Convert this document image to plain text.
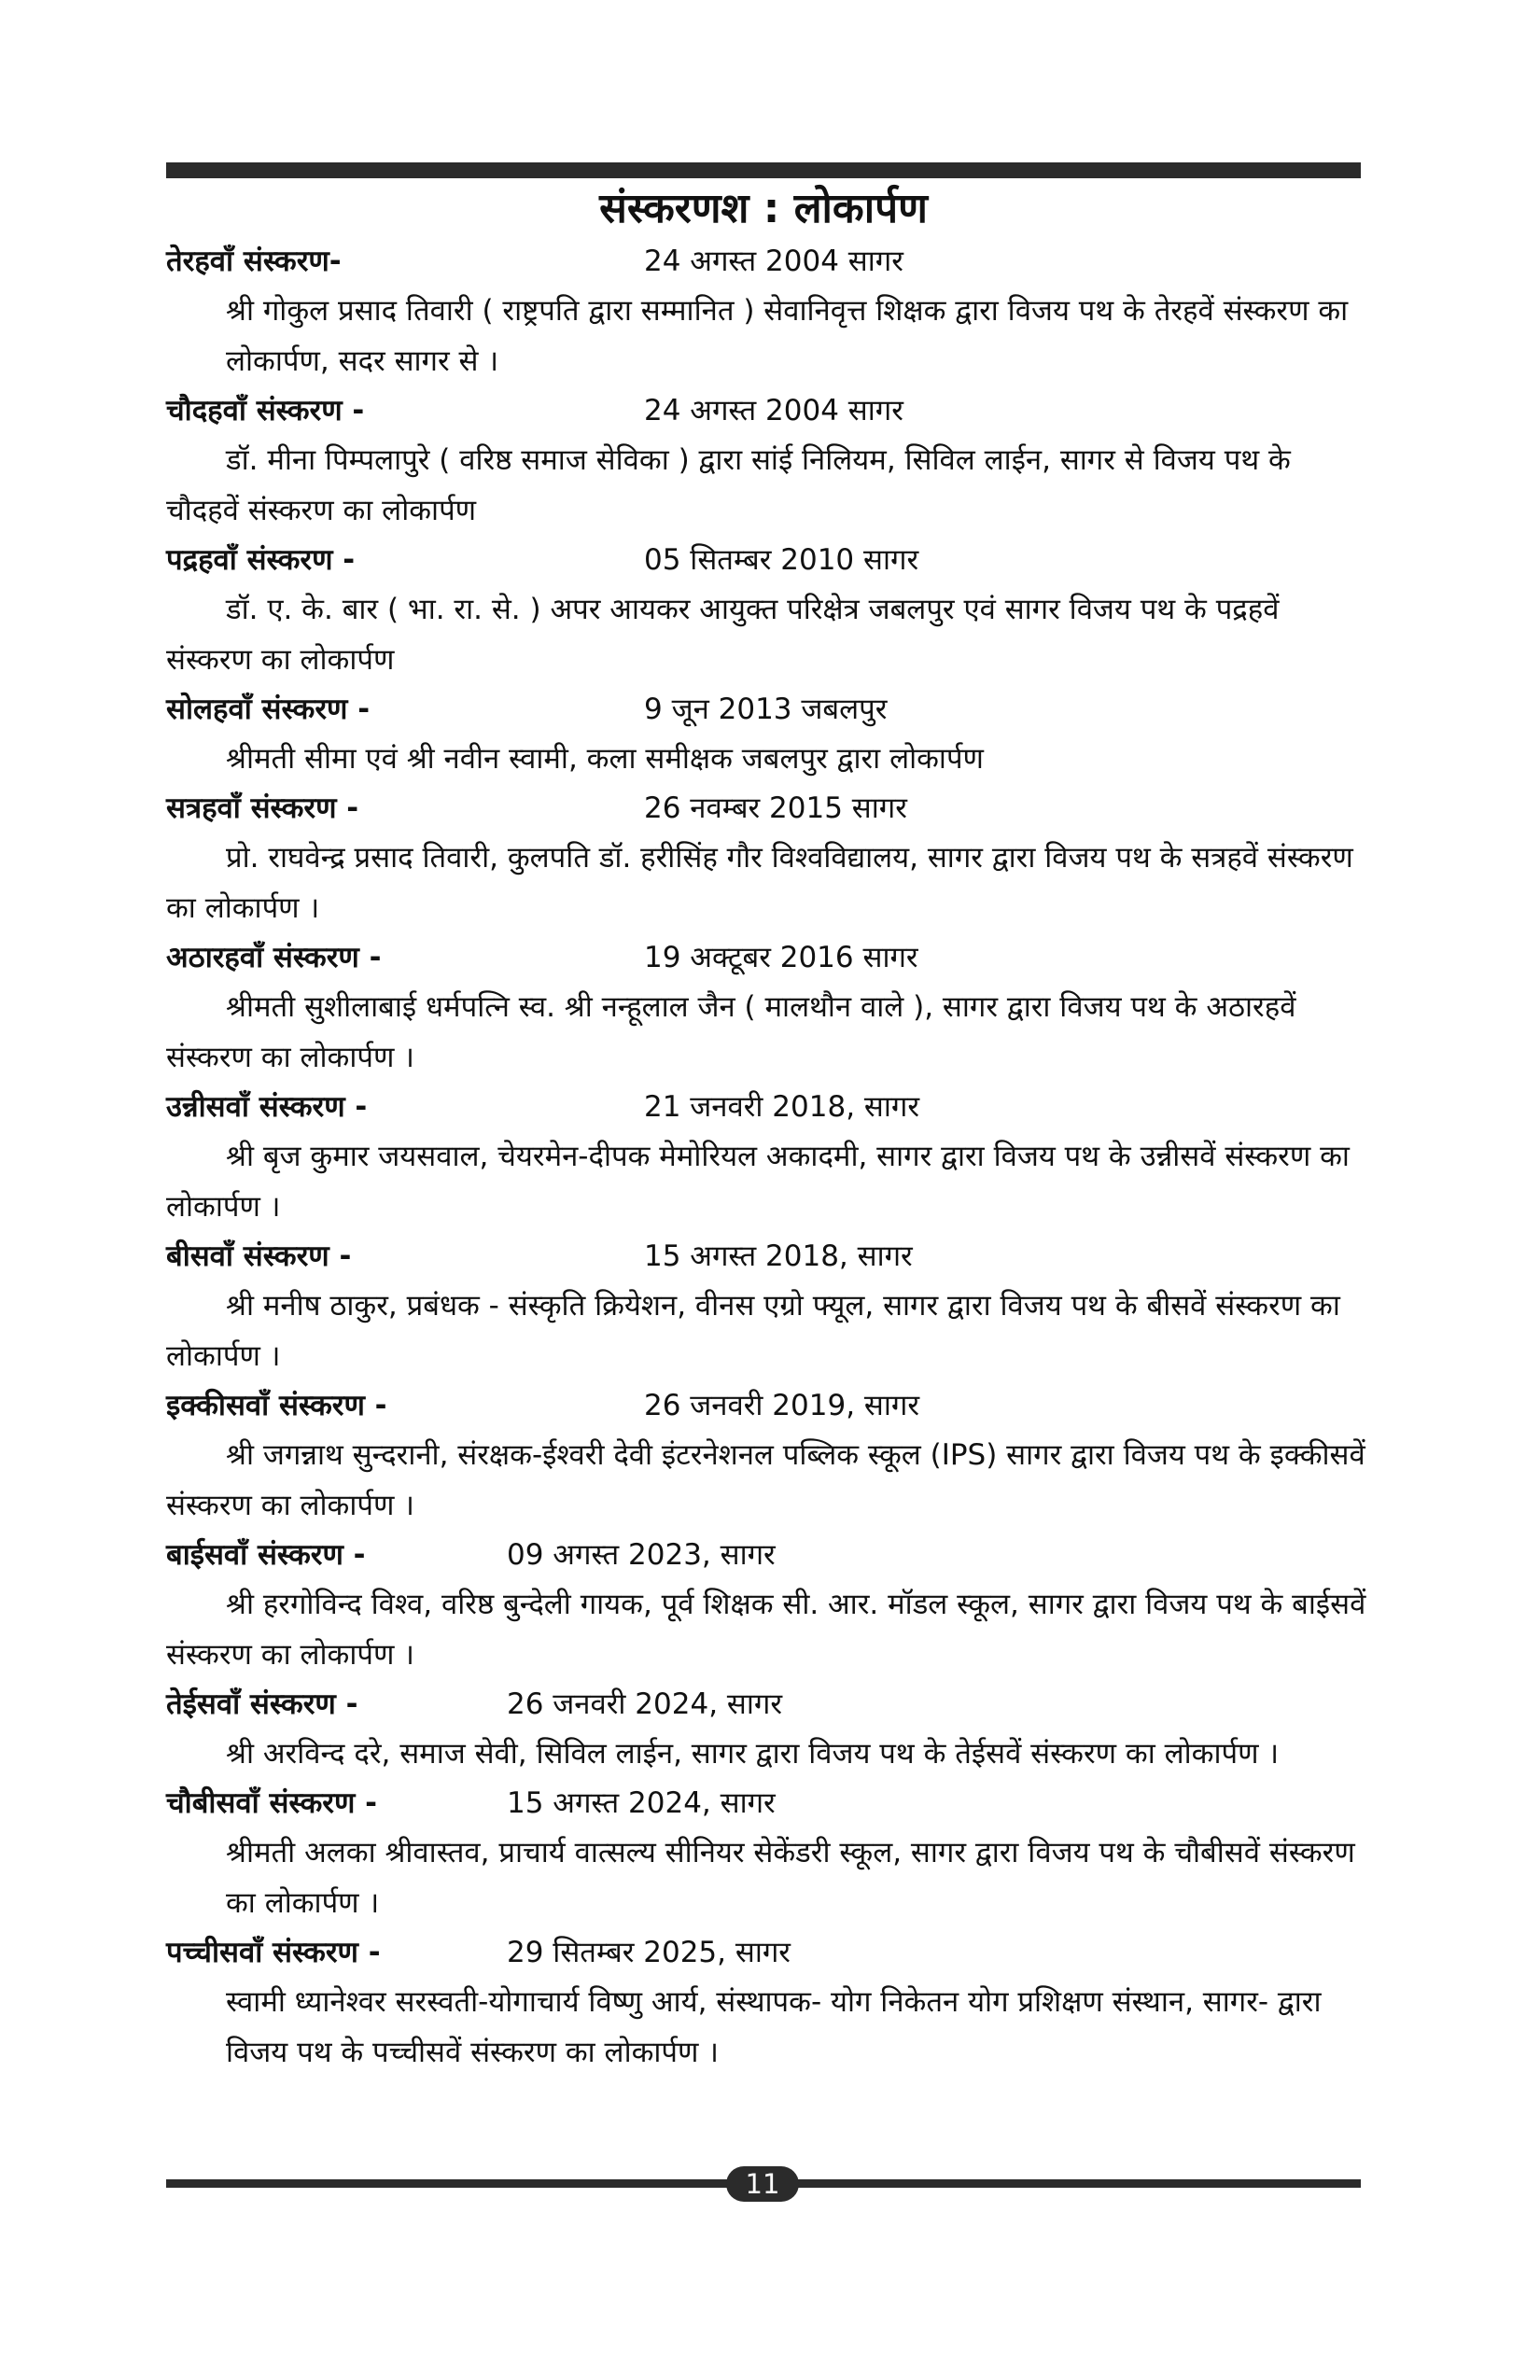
संस्करणश : लोकार्पण
तेरहवाँ संस्करण-	24 अगस्त 2004 सागर

श्री गोकुल प्रसाद तिवारी ( राष्ट्रपति द्वारा सम्मानित ) सेवानिवृत्त शिक्षक द्वारा विजय पथ के तेरहवें संस्करण का लोकार्पण, सदर सागर से ।

चौदहवाँ संस्करण -	24 अगस्त 2004 सागर

डॉ. मीना पिम्पलापुरे ( वरिष्ठ समाज सेविका ) द्वारा सांई निलियम, सिविल लाईन, सागर से विजय पथ के चौदहवें संस्करण का लोकार्पण

पद्रहवाँ संस्करण -	05 सितम्बर 2010 सागर

डॉ. ए. के. बार ( भा. रा. से. ) अपर आयकर आयुक्त परिक्षेत्र जबलपुर एवं सागर विजय पथ के पद्रहवें संस्करण का लोकार्पण

सोलहवाँ संस्करण -	9 जून 2013 जबलपुर

श्रीमती सीमा एवं श्री नवीन स्वामी, कला समीक्षक जबलपुर द्वारा लोकार्पण

सत्रहवाँ संस्करण -	26 नवम्बर 2015 सागर

प्रो. राघवेन्द्र प्रसाद तिवारी, कुलपति डॉ. हरीसिंह गौर विश्वविद्यालय, सागर द्वारा विजय पथ के सत्रहवें संस्करण का लोकार्पण ।

अठारहवाँ संस्करण -	19 अक्टूबर 2016 सागर

श्रीमती सुशीलाबाई धर्मपत्नि स्व. श्री नन्हूलाल जैन ( मालथौन वाले ), सागर द्वारा विजय पथ के अठारहवें संस्करण का लोकार्पण ।

उन्नीसवाँ संस्करण -	21 जनवरी 2018, सागर

श्री बृज कुमार जयसवाल, चेयरमेन-दीपक मेमोरियल अकादमी, सागर द्वारा विजय पथ के उन्नीसवें संस्करण का लोकार्पण ।

बीसवाँ संस्करण -	15 अगस्त 2018, सागर

श्री मनीष ठाकुर, प्रबंधक - संस्कृति क्रियेशन, वीनस एग्रो फ्यूल, सागर द्वारा विजय पथ के बीसवें संस्करण का लोकार्पण ।

इक्कीसवाँ संस्करण -	26 जनवरी 2019, सागर

श्री जगन्नाथ सुन्दरानी, संरक्षक-ईश्वरी देवी इंटरनेशनल पब्लिक स्कूल (IPS) सागर द्वारा विजय पथ के इक्कीसवें संस्करण का लोकार्पण ।

बाईसवाँ संस्करण -	09 अगस्त 2023, सागर

श्री हरगोविन्द विश्व, वरिष्ठ बुन्देली गायक, पूर्व शिक्षक सी. आर. मॉडल स्कूल, सागर द्वारा विजय पथ के बाईसवें संस्करण का लोकार्पण ।

तेईसवाँ संस्करण -	26 जनवरी 2024, सागर

श्री अरविन्द दरे, समाज सेवी, सिविल लाईन, सागर द्वारा विजय पथ के तेईसवें संस्करण का लोकार्पण ।

चौबीसवाँ संस्करण -	15 अगस्त 2024, सागर

श्रीमती अलका श्रीवास्तव, प्राचार्य वात्सल्य सीनियर सेकेंडरी स्कूल, सागर द्वारा विजय पथ के चौबीसवें संस्करण का लोकार्पण ।

पच्चीसवाँ संस्करण -	29 सितम्बर 2025, सागर

स्वामी ध्यानेश्वर सरस्वती-योगाचार्य विष्णु आर्य, संस्थापक- योग निकेतन योग प्रशिक्षण संस्थान, सागर- द्वारा विजय पथ के पच्चीसवें संस्करण का लोकार्पण ।

11
